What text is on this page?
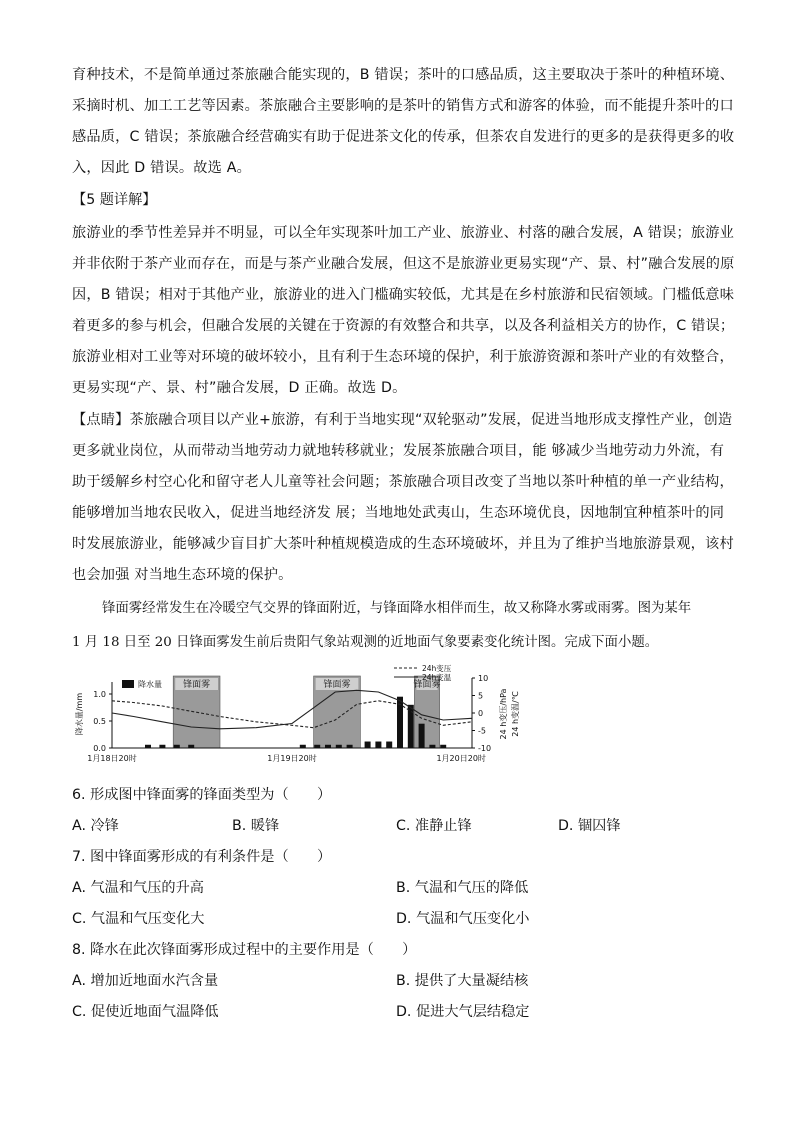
育种技术，不是简单通过茶旅融合能实现的，B 错误；茶叶的口感品质，这主要取决于茶叶的种植环境、
采摘时机、加工工艺等因素。茶旅融合主要影响的是茶叶的销售方式和游客的体验，而不能提升茶叶的口
感品质，C 错误；茶旅融合经营确实有助于促进茶文化的传承，但茶农自发进行的更多的是获得更多的收
入，因此 D 错误。故选 A。
【5 题详解】
旅游业的季节性差异并不明显，可以全年实现茶叶加工产业、旅游业、村落的融合发展，A 错误；旅游业
并非依附于茶产业而存在，而是与茶产业融合发展，但这不是旅游业更易实现“产、景、村”融合发展的原
因，B 错误；相对于其他产业，旅游业的进入门槛确实较低，尤其是在乡村旅游和民宿领域。门槛低意味
着更多的参与机会，但融合发展的关键在于资源的有效整合和共享，以及各利益相关方的协作，C 错误；
旅游业相对工业等对环境的破坏较小，且有利于生态环境的保护，利于旅游资源和茶叶产业的有效整合，
更易实现“产、景、村”融合发展，D 正确。故选 D。
【点睛】茶旅融合项目以产业+旅游，有利于当地实现“双轮驱动”发展，促进当地形成支撑性产业，创造
更多就业岗位，从而带动当地劳动力就地转移就业；发展茶旅融合项目，能 够减少当地劳动力外流，有
助于缓解乡村空心化和留守老人儿童等社会问题；茶旅融合项目改变了当地以茶叶种植的单一产业结构，
能够增加当地农民收入，促进当地经济发 展；当地地处武夷山，生态环境优良，因地制宜种植茶叶的同
时发展旅游业，能够减少盲目扩大茶叶种植规模造成的生态环境破坏，并且为了维护当地旅游景观，该村
也会加强 对当地生态环境的保护。
锋面雾经常发生在冷暖空气交界的锋面附近，与锋面降水相伴而生，故又称降水雾或雨雾。图为某年
1 月 18 日至 20 日锋面雾发生前后贵阳气象站观测的近地面气象要素变化统计图。完成下面小题。
锋面雾	锋面雾	锋面雾
1.0
0.5
0.0
降水量/mm
10
5
0
-5
-10
24 h变压/hPa 24 h变温/℃
1月18日20时	1月19日20时	1月20日20时
降水量
24h变压
24h变温
6. 形成图中锋面雾的锋面类型为（　　）
A. 冷锋	B. 暖锋	C. 准静止锋	D. 锢囚锋
7. 图中锋面雾形成的有利条件是（　　）
A. 气温和气压的升高	B. 气温和气压的降低
C. 气温和气压变化大	D. 气温和气压变化小
8. 降水在此次锋面雾形成过程中的主要作用是（　　）
A. 增加近地面水汽含量	B. 提供了大量凝结核
C. 促使近地面气温降低	D. 促进大气层结稳定
